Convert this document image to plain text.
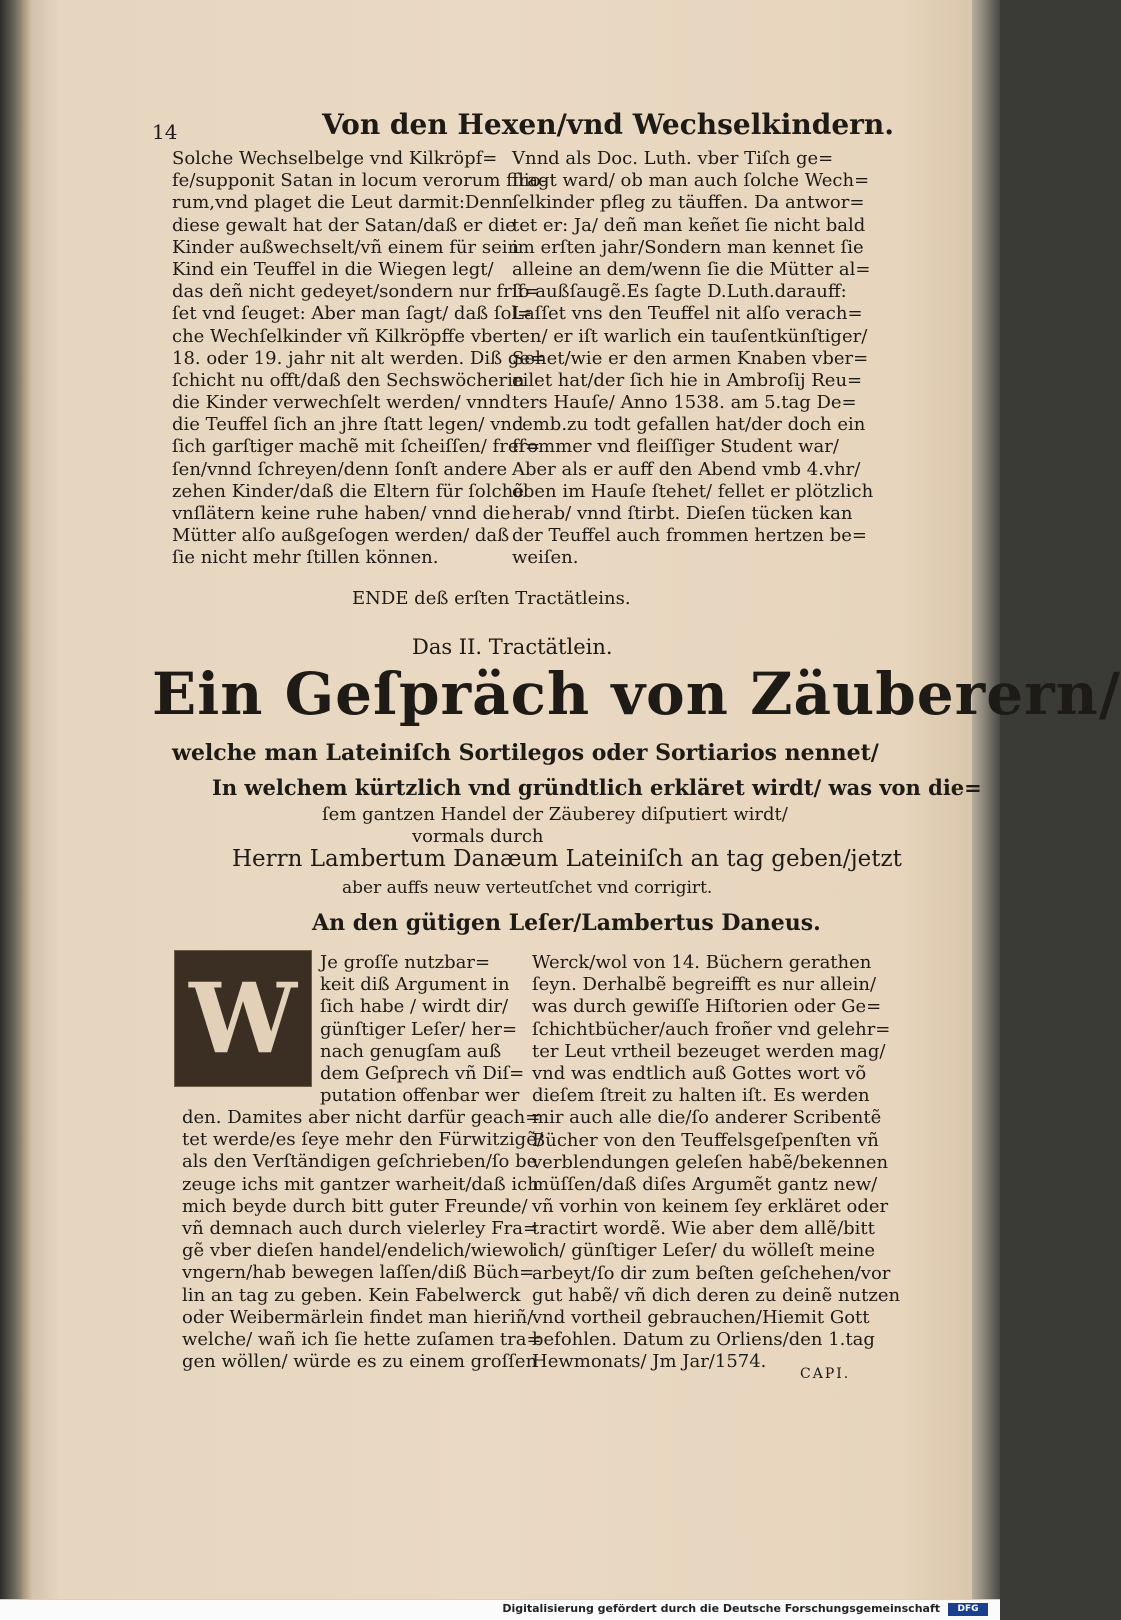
14	Von den Hexen/vnd Wechselkindern.
Solche Wechselbelge vnd Kilkröpf=
fe/supponit Satan in locum verorum filio-
rum,vnd plaget die Leut darmit:Denn
diese gewalt hat der Satan/daß er die
Kinder außwechselt/vñ einem für sein
Kind ein Teuffel in die Wiegen legt/
das deñ nicht gedeyet/sondern nur friſ=
ſet vnd ſeuget: Aber man ſagt/ daß ſol=
che Wechſelkinder vñ Kilkröpffe vber
18. oder 19. jahr nit alt werden. Diß ge=
ſchicht nu offt/daß den Sechswöcherin
die Kinder verwechſelt werden/ vnnd
die Teuffel ſich an jhre ſtatt legen/ vnd
ſich garſtiger machẽ mit ſcheiſſen/ freſ=
ſen/vnnd ſchreyen/denn ſonſt andere
zehen Kinder/daß die Eltern für ſolchẽ
vnſlätern keine ruhe haben/ vnnd die
Mütter alſo außgeſogen werden/ daß
ſie nicht mehr ſtillen können.
Vnnd als Doc. Luth. vber Tiſch ge=
fragt ward/ ob man auch ſolche Wech=
ſelkinder pfleg zu täuffen. Da antwor=
tet er: Ja/ deñ man keñet ſie nicht bald
im erſten jahr/Sondern man kennet ſie
alleine an dem/wenn ſie die Mütter al=
ſo außſaugẽ.Es ſagte D.Luth.darauff:
Laſſet vns den Teuffel nit alſo verach=
ten/ er iſt warlich ein tauſentkünſtiger/
Sehet/wie er den armen Knaben vber=
eilet hat/der ſich hie in Ambroſij Reu=
ters Hauſe/ Anno 1538. am 5.tag De=
cemb.zu todt gefallen hat/der doch ein
frommer vnd fleiſſiger Student war/
Aber als er auff den Abend vmb 4.vhr/
oben im Hauſe ſtehet/ fellet er plötzlich
herab/ vnnd ſtirbt. Dieſen tücken kan
der Teuffel auch frommen hertzen be=
weiſen.
ENDE deß erſten Tractätleins.
Das II. Tractätlein.
Ein Geſpräch von Zäuberern/
welche man Lateiniſch Sortilegos oder Sortiarios nennet/
In welchem kürtzlich vnd gründtlich erkläret wirdt/ was von die=
ſem gantzen Handel der Zäuberey diſputiert wirdt/
vormals durch
Herrn Lambertum Danæum Lateiniſch an tag geben/jetzt
aber auffs neuw verteutſchet vnd corrigirt.
An den gütigen Leſer/Lambertus Daneus.
W Je groſſe nutzbar=
keit diß Argument in
ſich habe / wirdt dir/
günſtiger Leſer/ her=
nach genugſam auß
dem Geſprech vñ Diſ=
putation offenbar wer
den. Damites aber nicht darfür geach=
tet werde/es ſeye mehr den Fürwitzigẽ/
als den Verſtändigen geſchrieben/ſo be
zeuge ichs mit gantzer warheit/daß ich
mich beyde durch bitt guter Freunde/
vñ demnach auch durch vielerley Fra=
gẽ vber dieſen handel/endelich/wiewol
vngern/hab bewegen laſſen/diß Büch=
lin an tag zu geben. Kein Fabelwerck
oder Weibermärlein findet man hieriñ/
welche/ wañ ich ſie hette zuſamen tra=
gen wöllen/ würde es zu einem groſſen
Werck/wol von 14. Büchern gerathen
ſeyn. Derhalbẽ begreifft es nur allein/
was durch gewiſſe Hiſtorien oder Ge=
ſchichtbücher/auch froñer vnd gelehr=
ter Leut vrtheil bezeuget werden mag/
vnd was endtlich auß Gottes wort võ
dieſem ſtreit zu halten iſt. Es werden
mir auch alle die/ſo anderer Scribentẽ
Bücher von den Teuffelsgeſpenſten vñ
verblendungen geleſen habẽ/bekennen
müſſen/daß diſes Argumẽt gantz new/
vñ vorhin von keinem ſey erkläret oder
tractirt wordẽ. Wie aber dem allẽ/bitt
ich/ günſtiger Leſer/ du wölleſt meine
arbeyt/ſo dir zum beſten geſchehen/vor
gut habẽ/ vñ dich deren zu deinẽ nutzen
vnd vortheil gebrauchen/Hiemit Gott
befohlen. Datum zu Orliens/den 1.tag
Hewmonats/ Jm Jar/1574.
CAPI.
Digitalisierung gefördert durch die Deutsche Forschungsgemeinschaft	DFG
